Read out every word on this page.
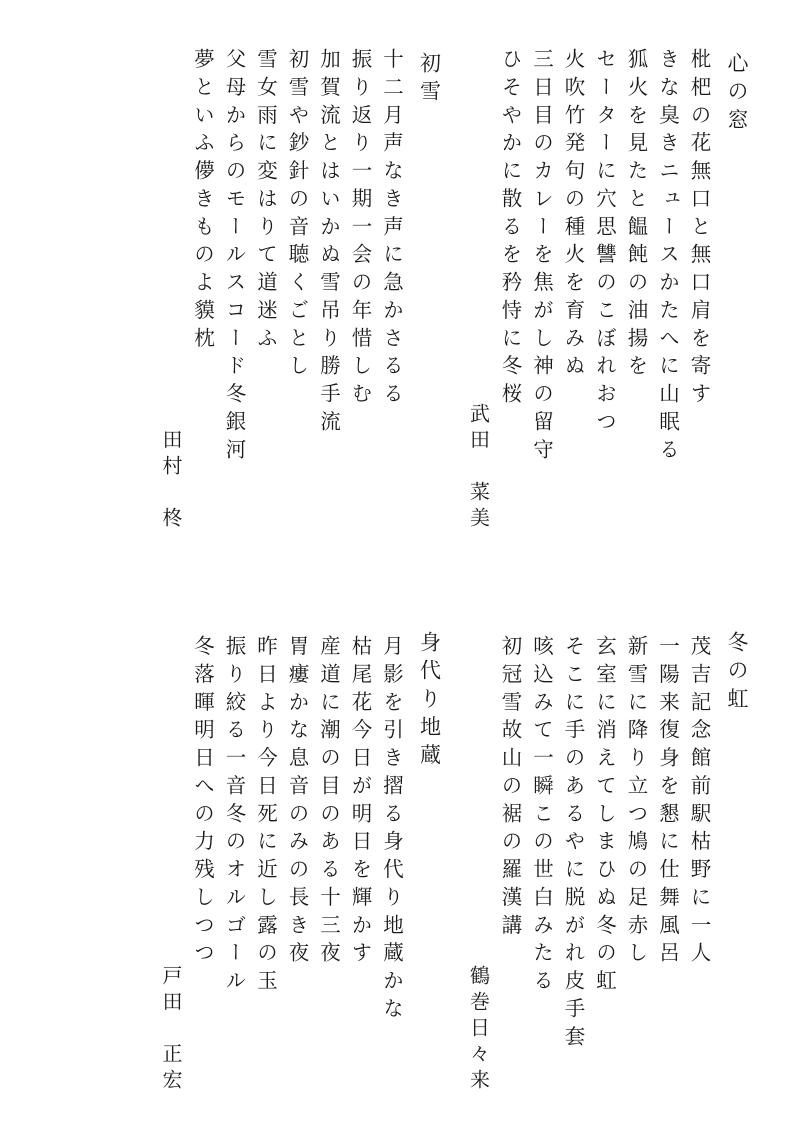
心の窓
枇杷の花無口と無口肩を寄す
きな臭きニュースかたへに山眠る
狐火を見たと饂飩の油揚を
セーターに穴思讐のこぼれおつ
火吹竹発句の種火を育みぬ
三日目のカレーを焦がし神の留守
ひそやかに散るを矜恃に冬桜
武田　菜美
初雪
十二月声なき声に急かさるる
振り返り一期一会の年惜しむ
加賀流とはいかぬ雪吊り勝手流
初雪や鈔針の音聴くごとし
雪女雨に変はりて道迷ふ
父母からのモールスコード冬銀河
夢といふ儚きものよ貘枕
田村　柊
冬の虹
茂吉記念館前駅枯野に一人
一陽来復身を懇に仕舞風呂
新雪に降り立つ鳩の足赤し
玄室に消えてしまひぬ冬の虹
そこに手のあるやに脱がれ皮手套
咳込みて一瞬この世白みたる
初冠雪故山の裾の羅漢講
鶴巻日々来
身代り地蔵
月影を引き摺る身代り地蔵かな
枯尾花今日が明日を輝かす
産道に潮の目のある十三夜
胃瘻かな息音のみの長き夜
昨日より今日死に近し露の玉
振り絞る一音冬のオルゴール
冬落暉明日への力残しつつ
戸田　正宏
